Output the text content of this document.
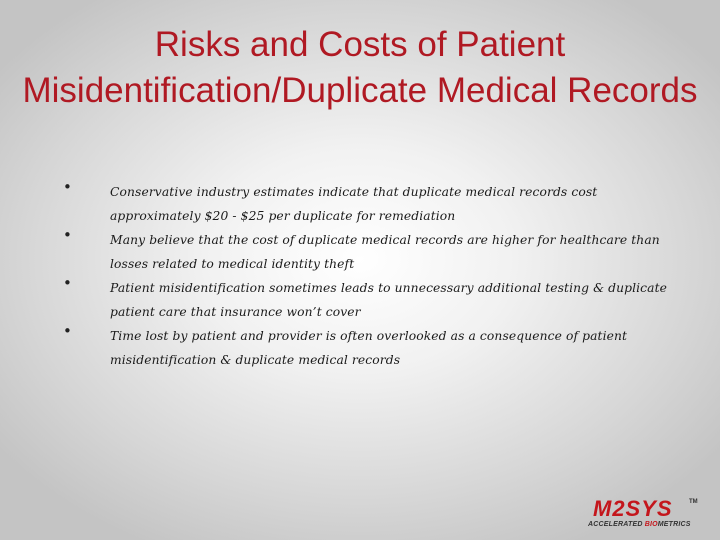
Risks and Costs of Patient Misidentification/Duplicate Medical Records
•	Conservative industry estimates indicate that duplicate medical records cost approximately $20 - $25 per duplicate for remediation
•	Many believe that the cost of duplicate medical records are higher for healthcare than losses related to medical identity theft
•	Patient misidentification sometimes leads to unnecessary additional testing & duplicate patient care that insurance won’t cover
•	Time lost by patient and provider is often overlooked as a consequence of patient misidentification & duplicate medical records
M2SYS	TM
ACCELERATED BIOMETRICS
